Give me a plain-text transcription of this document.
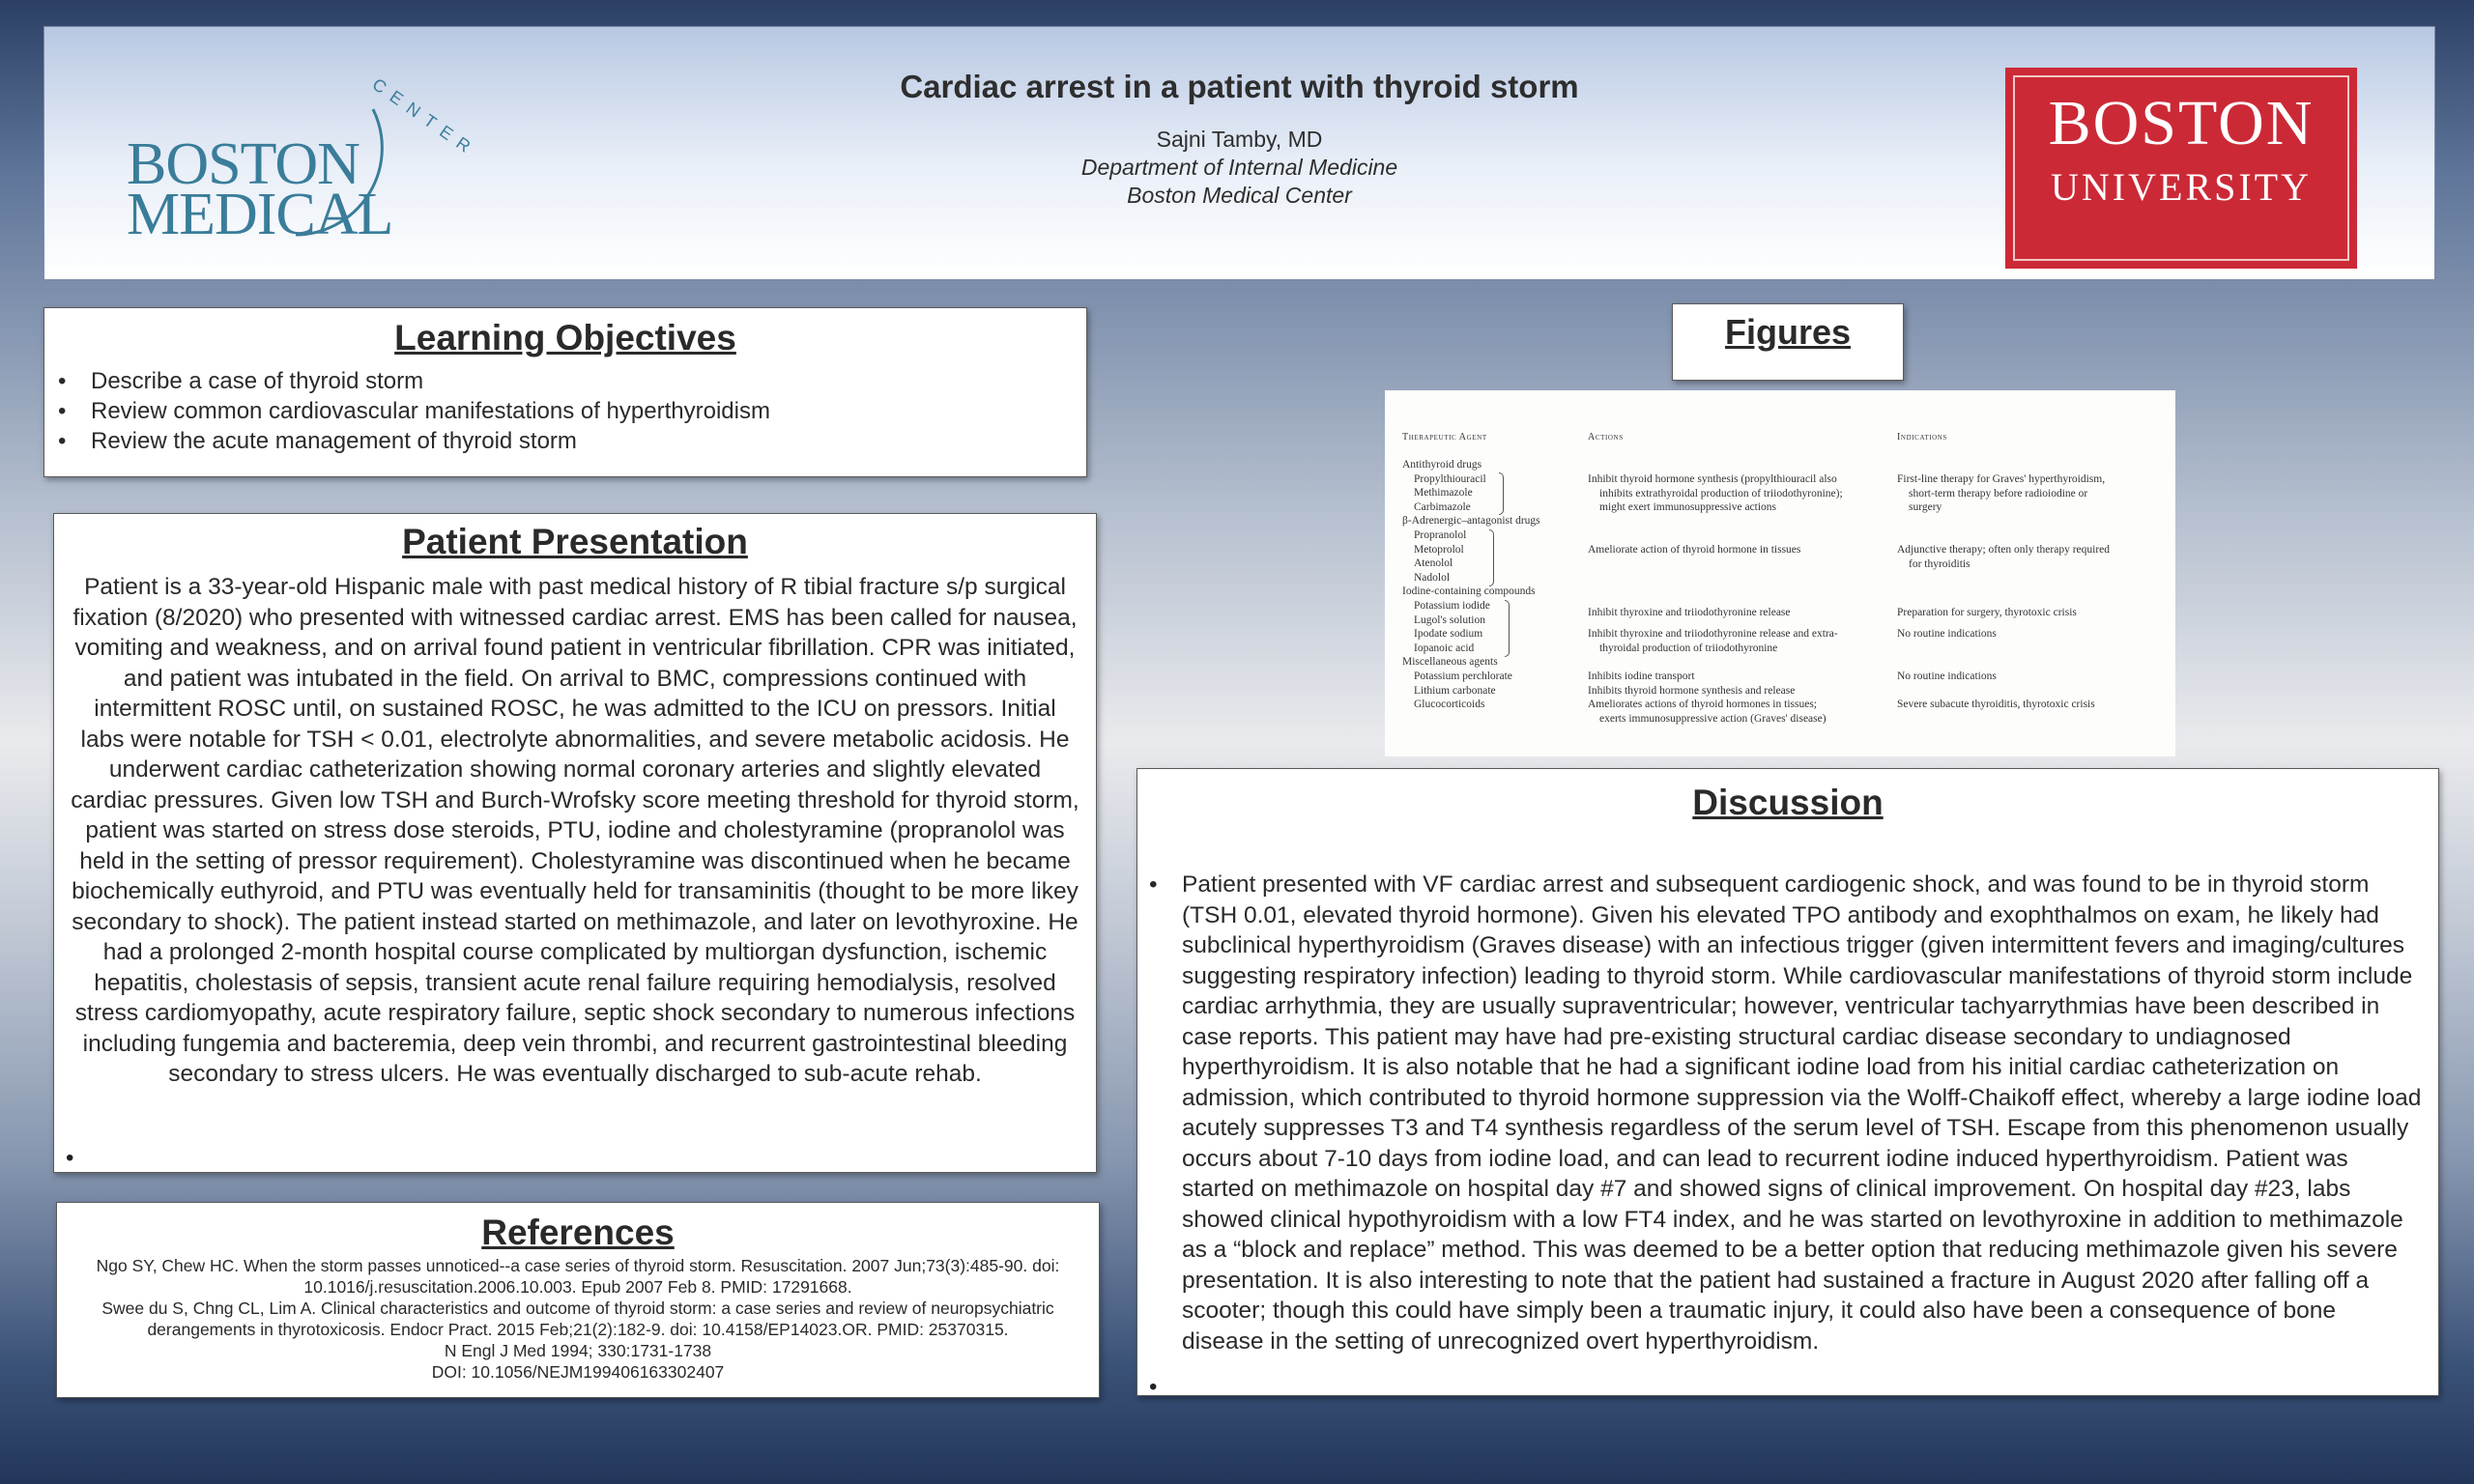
CENTER
BOSTON
MEDICAL
Cardiac arrest in a patient with thyroid storm
Sajni Tamby, MD
Department of Internal Medicine
Boston Medical Center
BOSTON
UNIVERSITY
Learning Objectives
• Describe a case of thyroid storm
• Review common cardiovascular manifestations of hyperthyroidism
• Review the acute management of thyroid storm
Patient Presentation
Patient is a 33-year-old Hispanic male with past medical history of R tibial fracture s/p surgical fixation (8/2020) who presented with witnessed cardiac arrest. EMS has been called for nausea, vomiting and weakness, and on arrival found patient in ventricular fibrillation. CPR was initiated, and patient was intubated in the field. On arrival to BMC, compressions continued with intermittent ROSC until, on sustained ROSC, he was admitted to the ICU on pressors. Initial labs were notable for TSH < 0.01, electrolyte abnormalities, and severe metabolic acidosis. He underwent cardiac catheterization showing normal coronary arteries and slightly elevated cardiac pressures. Given low TSH and Burch-Wrofsky score meeting threshold for thyroid storm, patient was started on stress dose steroids, PTU, iodine and cholestyramine (propranolol was held in the setting of pressor requirement). Cholestyramine was discontinued when he became biochemically euthyroid, and PTU was eventually held for transaminitis (thought to be more likey secondary to shock). The patient instead started on methimazole, and later on levothyroxine. He had a prolonged 2-month hospital course complicated by multiorgan dysfunction, ischemic hepatitis, cholestasis of sepsis, transient acute renal failure requiring hemodialysis, resolved stress cardiomyopathy, acute respiratory failure, septic shock secondary to numerous infections including fungemia and bacteremia, deep vein thrombi, and recurrent gastrointestinal bleeding secondary to stress ulcers. He was eventually discharged to sub-acute rehab.
•
References
Ngo SY, Chew HC. When the storm passes unnoticed--a case series of thyroid storm. Resuscitation. 2007 Jun;73(3):485-90. doi: 10.1016/j.resuscitation.2006.10.003. Epub 2007 Feb 8. PMID: 17291668.
Swee du S, Chng CL, Lim A. Clinical characteristics and outcome of thyroid storm: a case series and review of neuropsychiatric derangements in thyrotoxicosis. Endocr Pract. 2015 Feb;21(2):182-9. doi: 10.4158/EP14023.OR. PMID: 25370315.
N Engl J Med 1994; 330:1731-1738
DOI: 10.1056/NEJM199406163302407
Figures
Therapeutic Agent	Actions	Indications
Antithyroid drugs
Propylthiouracil
Methimazole
Carbimazole
β-Adrenergic–antagonist drugs
Propranolol
Metoprolol
Atenolol
Nadolol
Iodine-containing compounds
Potassium iodide
Lugol's solution
Ipodate sodium
Iopanoic acid
Miscellaneous agents
Potassium perchlorate
Lithium carbonate
Glucocorticoids
Inhibit thyroid hormone synthesis (propylthiouracil also
inhibits extrathyroidal production of triiodothyronine);
might exert immunosuppressive actions
Ameliorate action of thyroid hormone in tissues
Inhibit thyroxine and triiodothyronine release
Inhibit thyroxine and triiodothyronine release and extra-
thyroidal production of triiodothyronine
Inhibits iodine transport
Inhibits thyroid hormone synthesis and release
Ameliorates actions of thyroid hormones in tissues;
exerts immunosuppressive action (Graves' disease)
First-line therapy for Graves' hyperthyroidism,
short-term therapy before radioiodine or
surgery
Adjunctive therapy; often only therapy required
for thyroiditis
Preparation for surgery, thyrotoxic crisis
No routine indications
No routine indications
Severe subacute thyroiditis, thyrotoxic crisis
Discussion
• Patient presented with VF cardiac arrest and subsequent cardiogenic shock, and was found to be in thyroid storm (TSH 0.01, elevated thyroid hormone). Given his elevated TPO antibody and exophthalmos on exam, he likely had subclinical hyperthyroidism (Graves disease) with an infectious trigger (given intermittent fevers and imaging/cultures suggesting respiratory infection) leading to thyroid storm. While cardiovascular manifestations of thyroid storm include cardiac arrhythmia, they are usually supraventricular; however, ventricular tachyarrythmias have been described in case reports. This patient may have had pre-existing structural cardiac disease secondary to undiagnosed hyperthyroidism. It is also notable that he had a significant iodine load from his initial cardiac catheterization on admission, which contributed to thyroid hormone suppression via the Wolff-Chaikoff effect, whereby a large iodine load acutely suppresses T3 and T4 synthesis regardless of the serum level of TSH. Escape from this phenomenon usually occurs about 7-10 days from iodine load, and can lead to recurrent iodine induced hyperthyroidism. Patient was started on methimazole on hospital day #7 and showed signs of clinical improvement. On hospital day #23, labs showed clinical hypothyroidism with a low FT4 index, and he was started on levothyroxine in addition to methimazole as a “block and replace” method. This was deemed to be a better option that reducing methimazole given his severe presentation. It is also interesting to note that the patient had sustained a fracture in August 2020 after falling off a scooter; though this could have simply been a traumatic injury, it could also have been a consequence of bone disease in the setting of unrecognized overt hyperthyroidism.
•
